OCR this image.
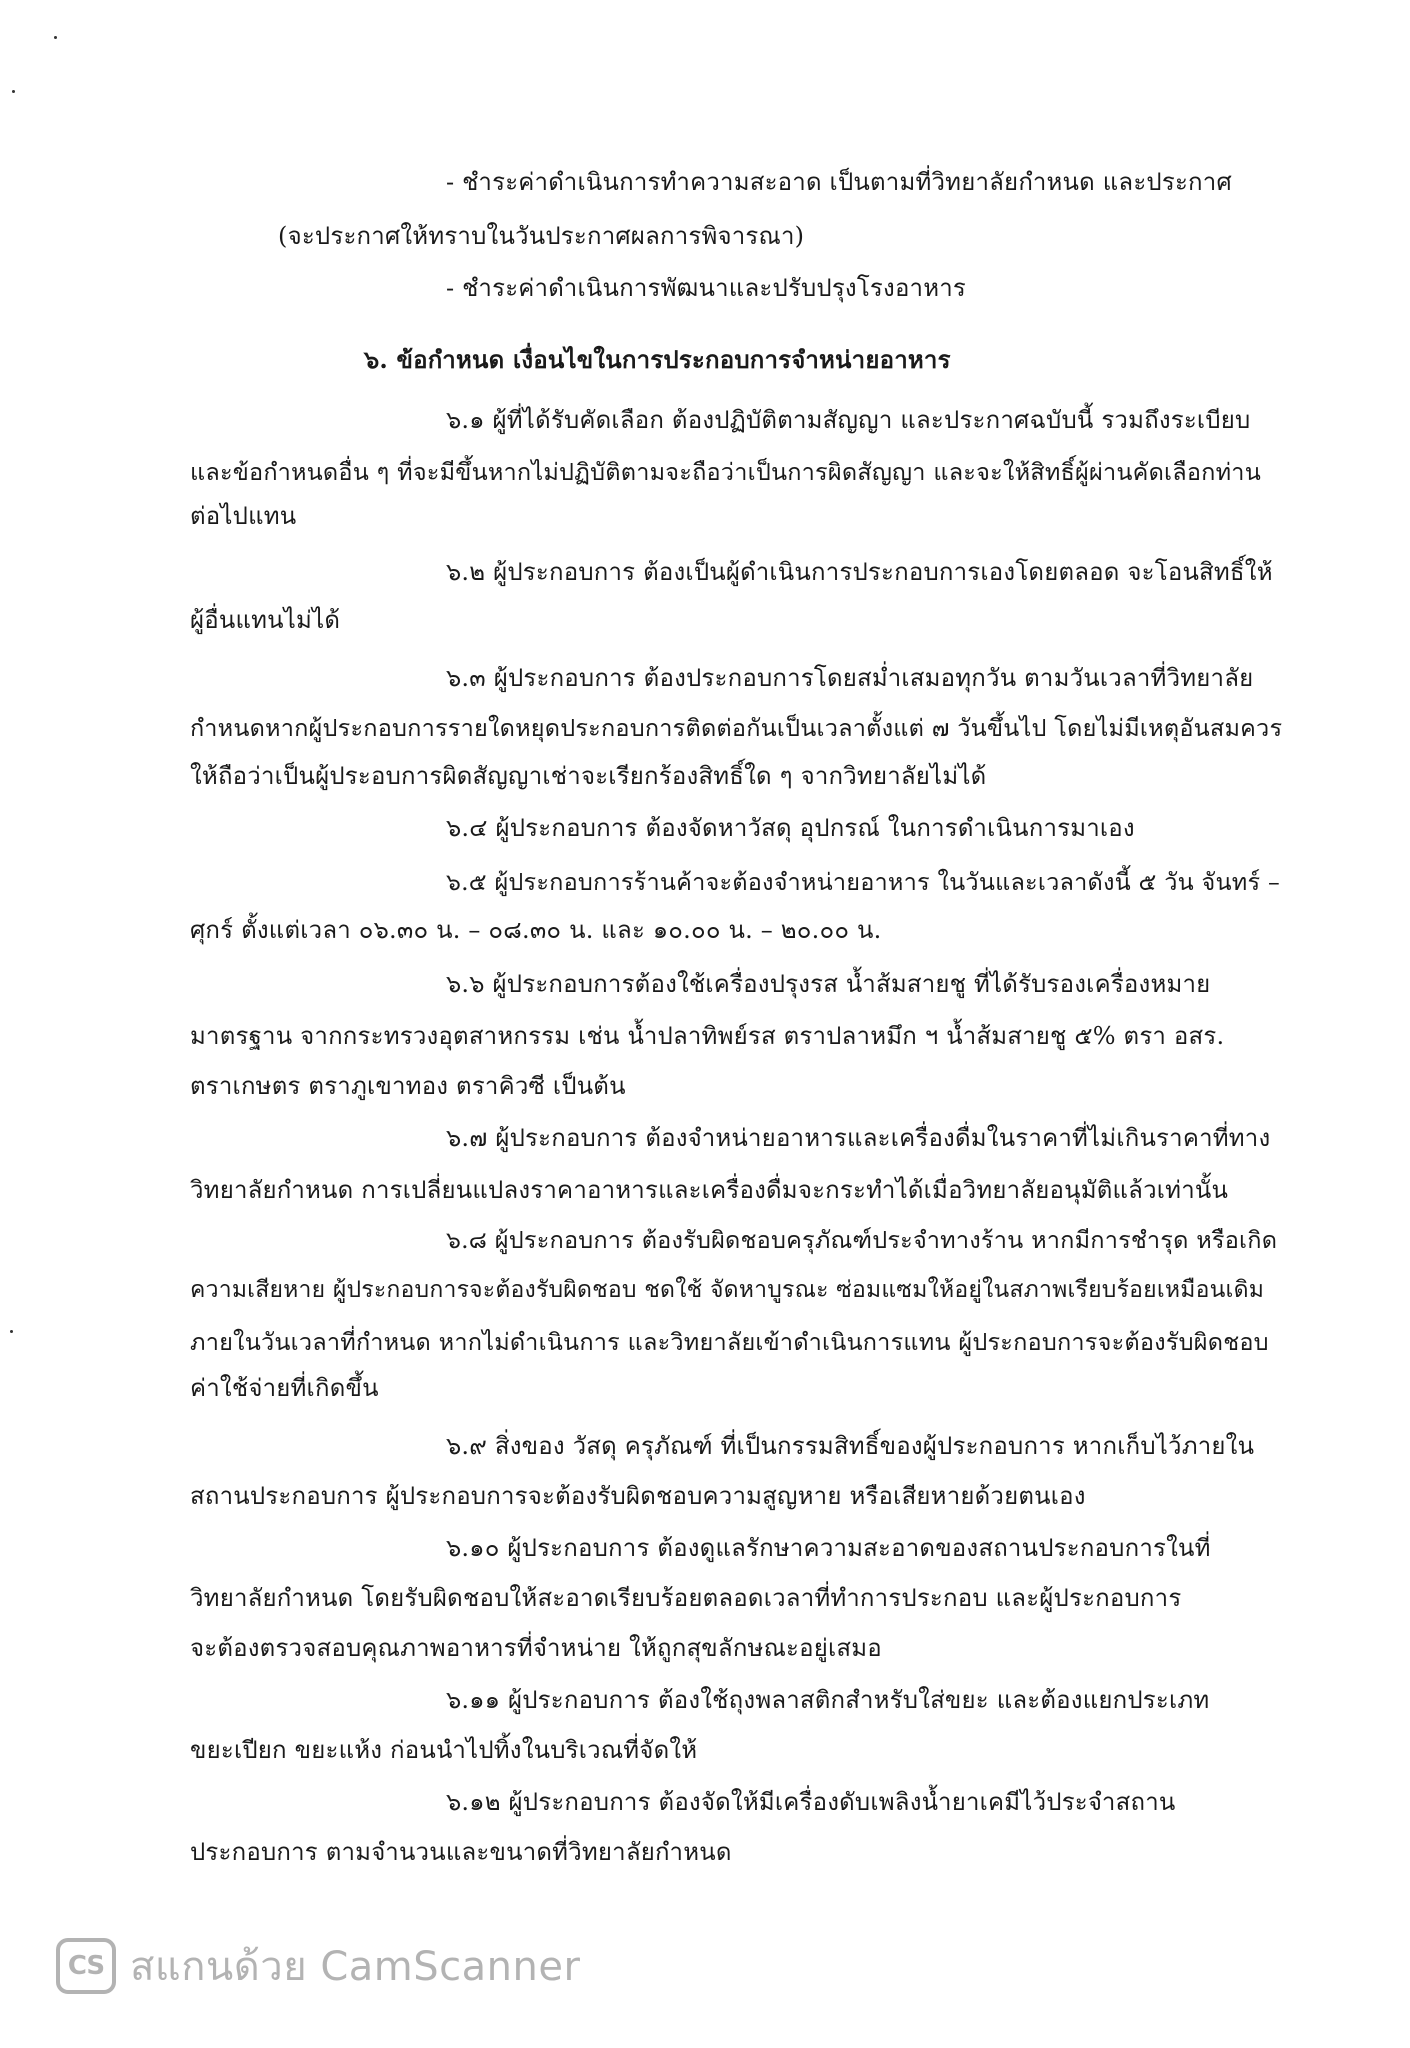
- ชำระค่าดำเนินการทำความสะอาด เป็นตามที่วิทยาลัยกำหนด และประกาศ
(จะประกาศให้ทราบในวันประกาศผลการพิจารณา)
- ชำระค่าดำเนินการพัฒนาและปรับปรุงโรงอาหาร
๖. ข้อกำหนด เงื่อนไขในการประกอบการจำหน่ายอาหาร
๖.๑ ผู้ที่ได้รับคัดเลือก ต้องปฏิบัติตามสัญญา และประกาศฉบับนี้ รวมถึงระเบียบ
และข้อกำหนดอื่น ๆ ที่จะมีขึ้นหากไม่ปฏิบัติตามจะถือว่าเป็นการผิดสัญญา และจะให้สิทธิ์ผู้ผ่านคัดเลือกท่าน
ต่อไปแทน
๖.๒ ผู้ประกอบการ ต้องเป็นผู้ดำเนินการประกอบการเองโดยตลอด จะโอนสิทธิ์ให้
ผู้อื่นแทนไม่ได้
๖.๓ ผู้ประกอบการ ต้องประกอบการโดยสม่ำเสมอทุกวัน ตามวันเวลาที่วิทยาลัย
กำหนดหากผู้ประกอบการรายใดหยุดประกอบการติดต่อกันเป็นเวลาตั้งแต่ ๗ วันขึ้นไป โดยไม่มีเหตุอันสมควร
ให้ถือว่าเป็นผู้ประอบการผิดสัญญาเช่าจะเรียกร้องสิทธิ์ใด ๆ จากวิทยาลัยไม่ได้
๖.๔ ผู้ประกอบการ ต้องจัดหาวัสดุ อุปกรณ์ ในการดำเนินการมาเอง
๖.๕ ผู้ประกอบการร้านค้าจะต้องจำหน่ายอาหาร ในวันและเวลาดังนี้ ๕ วัน จันทร์ –
ศุกร์ ตั้งแต่เวลา ๐๖.๓๐ น. – ๐๘.๓๐ น. และ ๑๐.๐๐ น. – ๒๐.๐๐ น.
๖.๖ ผู้ประกอบการต้องใช้เครื่องปรุงรส น้ำส้มสายชู ที่ได้รับรองเครื่องหมาย
มาตรฐาน จากกระทรวงอุตสาหกรรม เช่น น้ำปลาทิพย์รส ตราปลาหมึก ฯ น้ำส้มสายชู ๕% ตรา อสร.
ตราเกษตร ตราภูเขาทอง ตราคิวซี เป็นต้น
๖.๗ ผู้ประกอบการ ต้องจำหน่ายอาหารและเครื่องดื่มในราคาที่ไม่เกินราคาที่ทาง
วิทยาลัยกำหนด การเปลี่ยนแปลงราคาอาหารและเครื่องดื่มจะกระทำได้เมื่อวิทยาลัยอนุมัติแล้วเท่านั้น
๖.๘ ผู้ประกอบการ ต้องรับผิดชอบครุภัณฑ์ประจำทางร้าน หากมีการชำรุด หรือเกิด
ความเสียหาย ผู้ประกอบการจะต้องรับผิดชอบ ชดใช้ จัดหาบูรณะ ซ่อมแซมให้อยู่ในสภาพเรียบร้อยเหมือนเดิม
ภายในวันเวลาที่กำหนด หากไม่ดำเนินการ และวิทยาลัยเข้าดำเนินการแทน ผู้ประกอบการจะต้องรับผิดชอบ
ค่าใช้จ่ายที่เกิดขึ้น
๖.๙ สิ่งของ วัสดุ ครุภัณฑ์ ที่เป็นกรรมสิทธิ์ของผู้ประกอบการ หากเก็บไว้ภายใน
สถานประกอบการ ผู้ประกอบการจะต้องรับผิดชอบความสูญหาย หรือเสียหายด้วยตนเอง
๖.๑๐ ผู้ประกอบการ ต้องดูแลรักษาความสะอาดของสถานประกอบการในที่
วิทยาลัยกำหนด โดยรับผิดชอบให้สะอาดเรียบร้อยตลอดเวลาที่ทำการประกอบ และผู้ประกอบการ
จะต้องตรวจสอบคุณภาพอาหารที่จำหน่าย ให้ถูกสุขลักษณะอยู่เสมอ
๖.๑๑ ผู้ประกอบการ ต้องใช้ถุงพลาสติกสำหรับใส่ขยะ และต้องแยกประเภท
ขยะเปียก ขยะแห้ง ก่อนนำไปทิ้งในบริเวณที่จัดให้
๖.๑๒ ผู้ประกอบการ ต้องจัดให้มีเครื่องดับเพลิงน้ำยาเคมีไว้ประจำสถาน
ประกอบการ ตามจำนวนและขนาดที่วิทยาลัยกำหนด
CS สแกนด้วย CamScanner
